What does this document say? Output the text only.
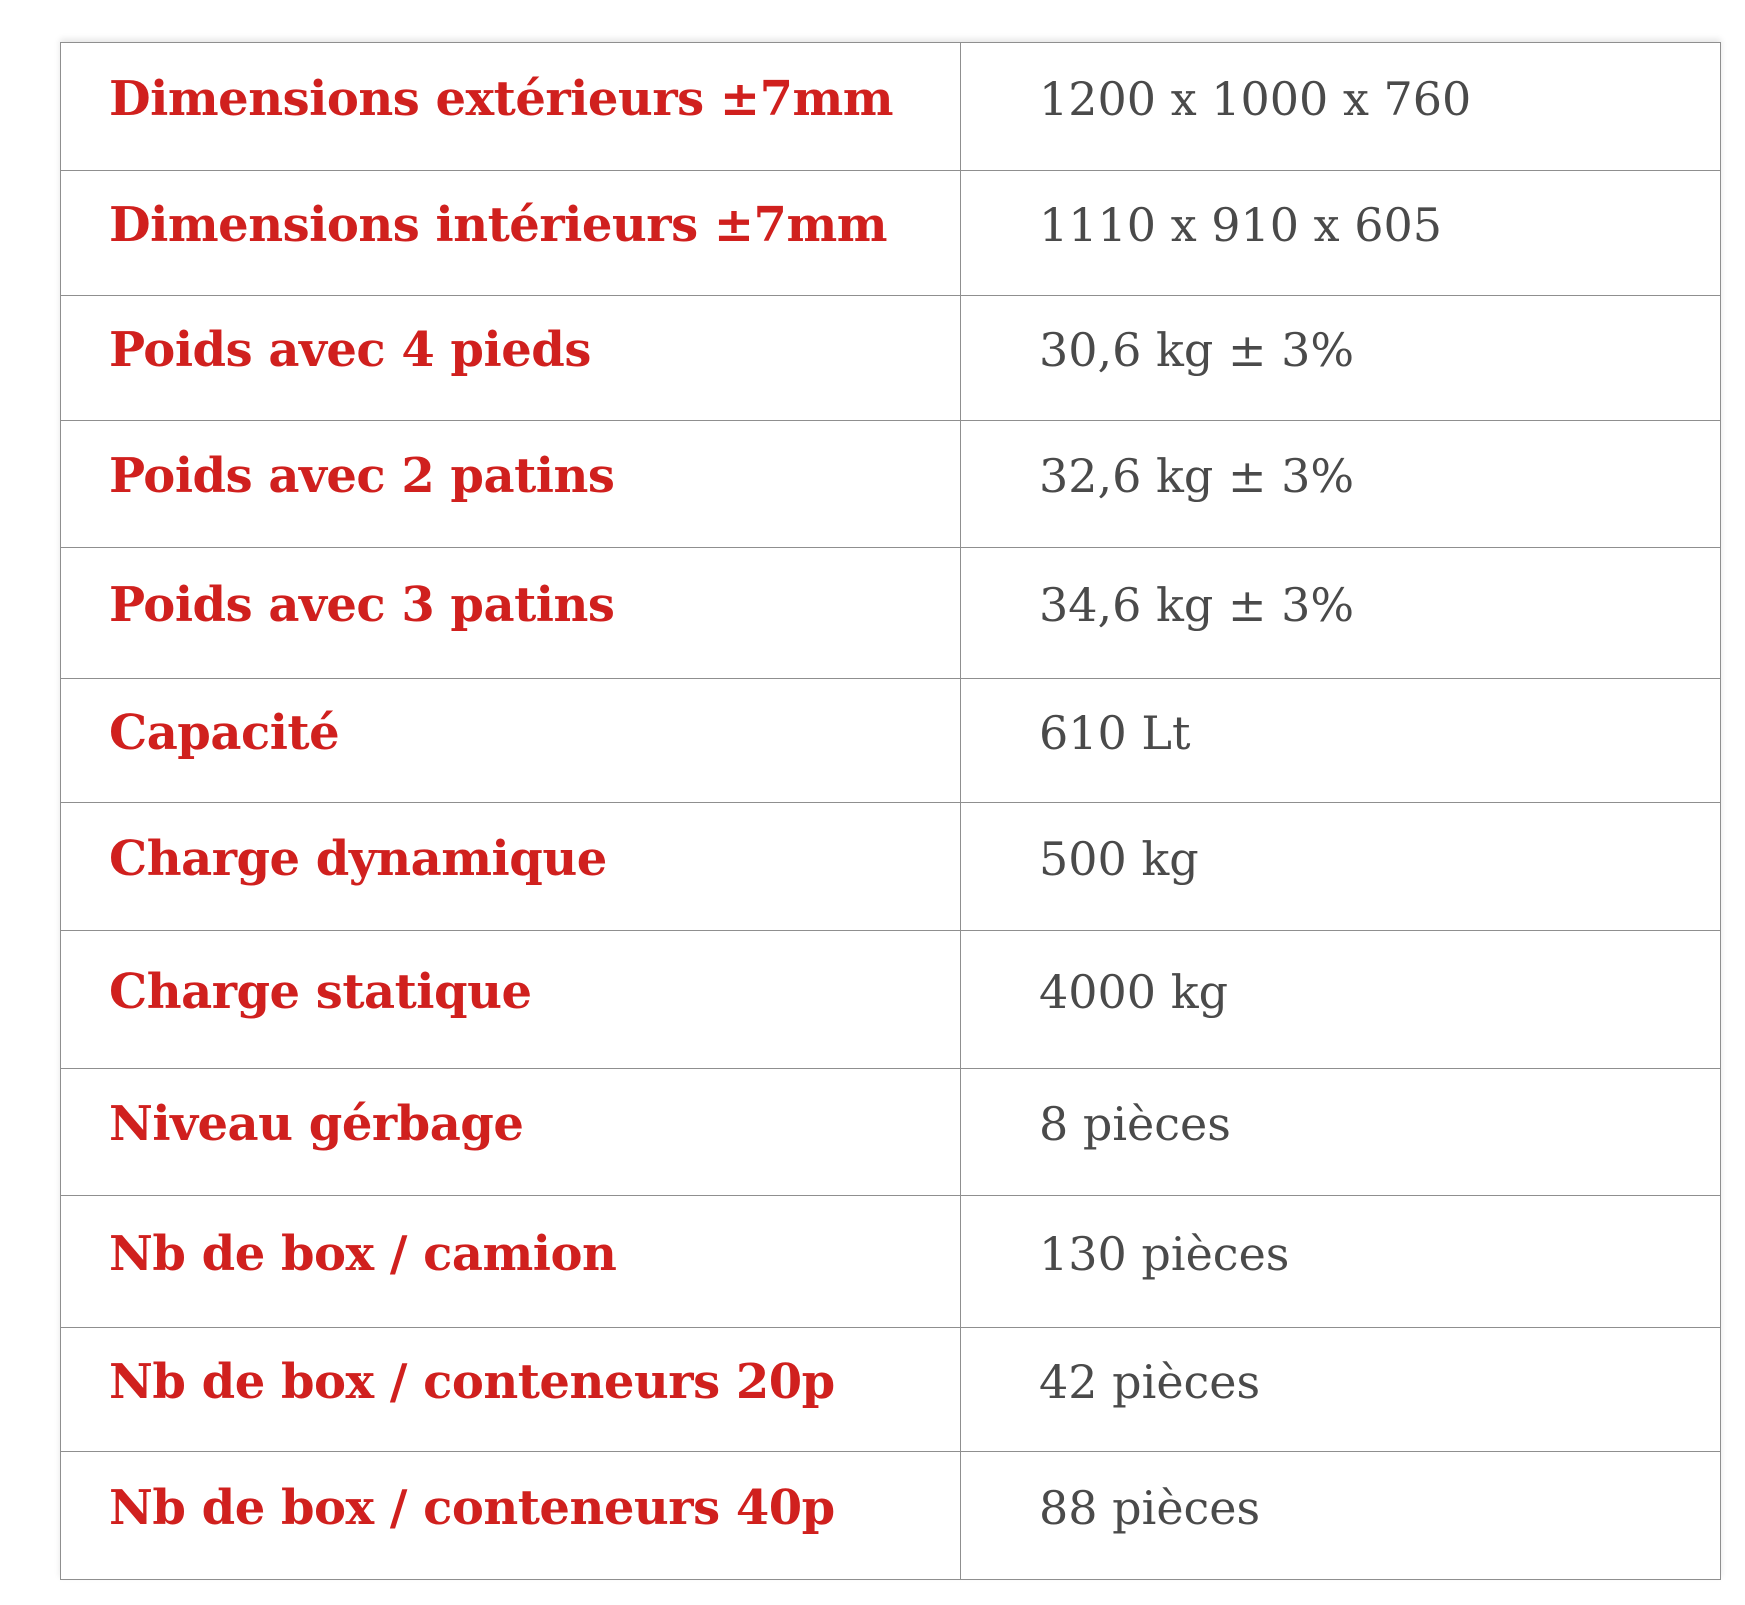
Dimensions extérieurs ±7mm	1200 x 1000 x 760
Dimensions intérieurs ±7mm	1110 x 910 x 605
Poids avec 4 pieds	30,6 kg ± 3%
Poids avec 2 patins	32,6 kg ± 3%
Poids avec 3 patins	34,6 kg ± 3%
Capacité	610 Lt
Charge dynamique	500 kg
Charge statique	4000 kg
Niveau gérbage	8 pièces
Nb de box / camion	130 pièces
Nb de box / conteneurs 20p	42 pièces
Nb de box / conteneurs 40p	88 pièces
